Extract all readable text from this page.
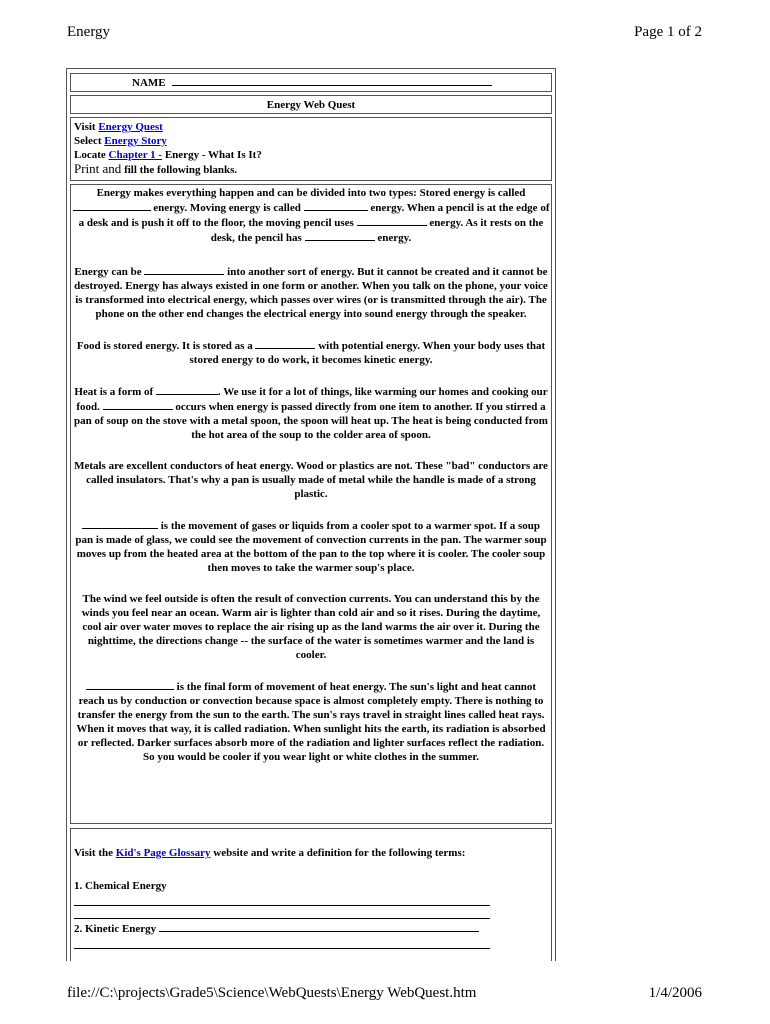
Energy	Page 1 of 2
NAME
Energy Web Quest
Visit Energy Quest
Select Energy Story
Locate Chapter 1 - Energy - What Is It?
Print and fill the following blanks.

Energy makes everything happen and can be divided into two types: Stored energy is called  energy. Moving energy is called	energy. When a pencil is at the edge of a desk and is push it off to the floor, the moving pencil uses	energy. As it rests on the desk, the pencil has	energy.

Energy can be	into another sort of energy. But it cannot be created and it cannot be destroyed. Energy has always existed in one form or another. When you talk on the phone, your voice is transformed into electrical energy, which passes over wires (or is transmitted through the air). The phone on the other end changes the electrical energy into sound energy through the speaker.

Food is stored energy. It is stored as a	with potential energy. When your body uses that stored energy to do work, it becomes kinetic energy.

Heat is a form of	. We use it for a lot of things, like warming our homes and cooking our food.	occurs when energy is passed directly from one item to another. If you stirred a pan of soup on the stove with a metal spoon, the spoon will heat up. The heat is being conducted from the hot area of the soup to the colder area of spoon.

Metals are excellent conductors of heat energy. Wood or plastics are not. These "bad" conductors are called insulators. That's why a pan is usually made of metal while the handle is made of a strong plastic.

is the movement of gases or liquids from a cooler spot to a warmer spot. If a soup pan is made of glass, we could see the movement of convection currents in the pan. The warmer soup moves up from the heated area at the bottom of the pan to the top where it is cooler. The cooler soup then moves to take the warmer soup's place.

The wind we feel outside is often the result of convection currents. You can understand this by the winds you feel near an ocean. Warm air is lighter than cold air and so it rises. During the daytime, cool air over water moves to replace the air rising up as the land warms the air over it. During the nighttime, the directions change -- the surface of the water is sometimes warmer and the land is cooler.

is the final form of movement of heat energy. The sun's light and heat cannot reach us by conduction or convection because space is almost completely empty. There is nothing to transfer the energy from the sun to the earth. The sun's rays travel in straight lines called heat rays. When it moves that way, it is called radiation. When sunlight hits the earth, its radiation is absorbed or reflected. Darker surfaces absorb more of the radiation and lighter surfaces reflect the radiation. So you would be cooler if you wear light or white clothes in the summer.

Visit the Kid's Page Glossary website and write a definition for the following terms:

1. Chemical Energy

2. Kinetic Energy

file://C:\projects\Grade5\Science\WebQuests\Energy WebQuest.htm	1/4/2006
